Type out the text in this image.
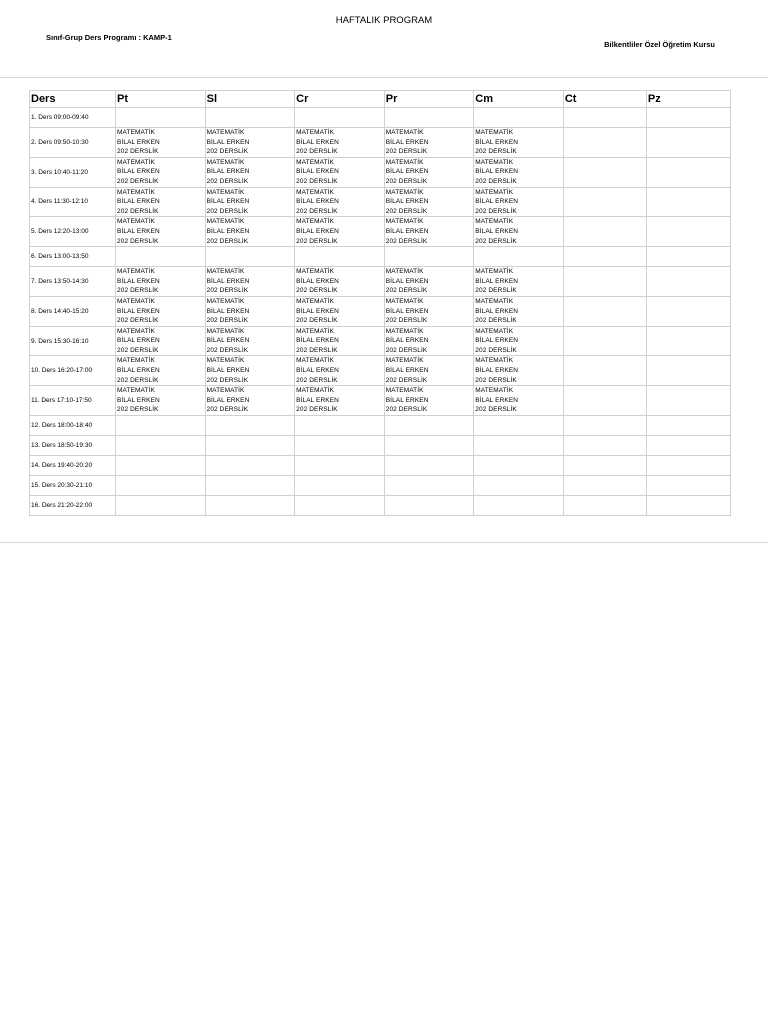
HAFTALIK PROGRAM
Sınıf-Grup Ders Programı : KAMP-1
Bilkentliler Özel Öğretim Kursu
Ders	Pt	Sl	Cr	Pr	Cm	Ct	Pz
1. Ders 09:00-09:40							
2. Ders 09:50-10:30	MATEMATİK
BİLAL ERKEN
202 DERSLİK	MATEMATİK
BİLAL ERKEN
202 DERSLİK	MATEMATİK
BİLAL ERKEN
202 DERSLİK	MATEMATİK
BİLAL ERKEN
202 DERSLİK	MATEMATİK
BİLAL ERKEN
202 DERSLİK		

3. Ders 10:40-11:20	MATEMATİK
BİLAL ERKEN
202 DERSLİK	MATEMATİK
BİLAL ERKEN
202 DERSLİK	MATEMATİK
BİLAL ERKEN
202 DERSLİK	MATEMATİK
BİLAL ERKEN
202 DERSLİK	MATEMATİK
BİLAL ERKEN
202 DERSLİK		

4. Ders 11:30-12:10	MATEMATİK
BİLAL ERKEN
202 DERSLİK	MATEMATİK
BİLAL ERKEN
202 DERSLİK	MATEMATİK
BİLAL ERKEN
202 DERSLİK	MATEMATİK
BİLAL ERKEN
202 DERSLİK	MATEMATİK
BİLAL ERKEN
202 DERSLİK		

5. Ders 12:20-13:00	MATEMATİK
BİLAL ERKEN
202 DERSLİK	MATEMATİK
BİLAL ERKEN
202 DERSLİK	MATEMATİK
BİLAL ERKEN
202 DERSLİK	MATEMATİK
BİLAL ERKEN
202 DERSLİK	MATEMATİK
BİLAL ERKEN
202 DERSLİK		

6. Ders 13:00-13:50							
7. Ders 13:50-14:30	MATEMATİK
BİLAL ERKEN
202 DERSLİK	MATEMATİK
BİLAL ERKEN
202 DERSLİK	MATEMATİK
BİLAL ERKEN
202 DERSLİK	MATEMATİK
BİLAL ERKEN
202 DERSLİK	MATEMATİK
BİLAL ERKEN
202 DERSLİK		

8. Ders 14:40-15:20	MATEMATİK
BİLAL ERKEN
202 DERSLİK	MATEMATİK
BİLAL ERKEN
202 DERSLİK	MATEMATİK
BİLAL ERKEN
202 DERSLİK	MATEMATİK
BİLAL ERKEN
202 DERSLİK	MATEMATİK
BİLAL ERKEN
202 DERSLİK		

9. Ders 15:30-16:10	MATEMATİK
BİLAL ERKEN
202 DERSLİK	MATEMATİK
BİLAL ERKEN
202 DERSLİK	MATEMATİK
BİLAL ERKEN
202 DERSLİK	MATEMATİK
BİLAL ERKEN
202 DERSLİK	MATEMATİK
BİLAL ERKEN
202 DERSLİK		

10. Ders 16:20-17:00	MATEMATİK
BİLAL ERKEN
202 DERSLİK	MATEMATİK
BİLAL ERKEN
202 DERSLİK	MATEMATİK
BİLAL ERKEN
202 DERSLİK	MATEMATİK
BİLAL ERKEN
202 DERSLİK	MATEMATİK
BİLAL ERKEN
202 DERSLİK		

11. Ders 17:10-17:50	MATEMATİK
BİLAL ERKEN
202 DERSLİK	MATEMATİK
BİLAL ERKEN
202 DERSLİK	MATEMATİK
BİLAL ERKEN
202 DERSLİK	MATEMATİK
BİLAL ERKEN
202 DERSLİK	MATEMATİK
BİLAL ERKEN
202 DERSLİK		

12. Ders 18:00-18:40							
13. Ders 18:50-19:30							
14. Ders 19:40-20:20							
15. Ders 20:30-21:10							
16. Ders 21:20-22:00							
